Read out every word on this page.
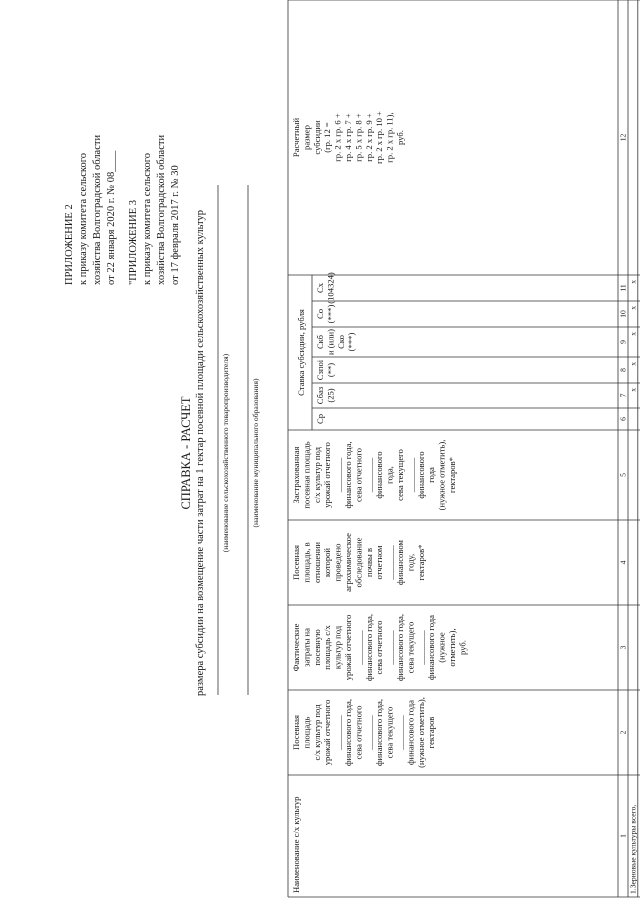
ПРИЛОЖЕНИЕ 2 к приказу комитета сельского хозяйства Волгоградской области от 22 января 2020 г. № 08____ "ПРИЛОЖЕНИЕ 3 к приказу комитета сельского хозяйства Волгоградской области от 17 февраля 2017 г. № 30
СПРАВКА - РАСЧЕТ размера субсидии на возмещение части затрат на 1 гектар посевной площади сельскохозяйственных культур (наименование сельскохозяйственного товаропроизводителя)	(наименование муниципального образования)
Наименование с/х культур
Посевная площадь с/х культур под урожай отчетного ________ финансового года, сева отчетного ________ финансового года, сева текущего ________ финансового года (нужное отметить), гектаров
Фактические затраты на посевную площадь с/х культур под урожай отчетного ________ финансового года, сева отчетного ________ финансового года, сева текущего ________ финансового года (нужное отметить), руб.
Посевная площадь, в отношении которой проведено агрохимическое обследование почвы в отчетном ________ финансовом году, гектаров*
Застрахованная посевная площадь с/х культур под урожай отчетного ________ финансового года, сева отчетного ________ финансового года, сева текущего ________ финансового года (нужное отметить), гектаров*
Ср
Сбаз (25)
Сзпоi (**)
Скб и (или) Ско (***)
Со (***)
Сх (104324)
Расчетный размер субсидии (гр. 12 = гр. 2 х гр. 6 + гр. 4 х гр. 7 + гр. 5 х гр. 8 + гр. 2 х гр. 9 + гр. 2 х гр. 10 + гр. 2 х гр. 11), руб.
Ставка субсидии, рубля
1
2
3
4
5
6
7
8
9
10
11
12
1.Зерновые культуры всего,
х
х
х
х
х
